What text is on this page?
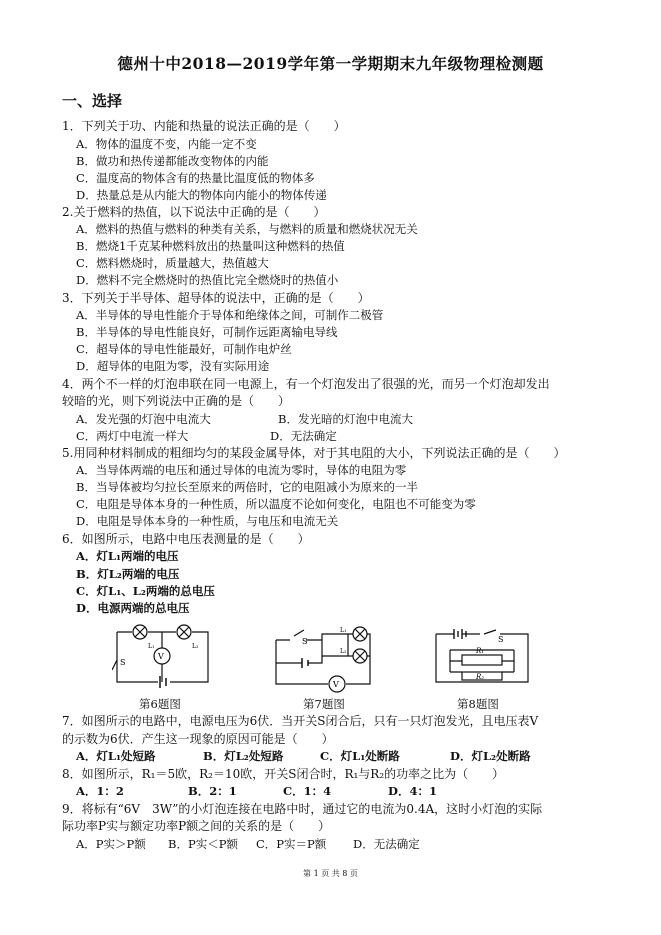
德州十中2018—2019学年第一学期期末九年级物理检测题
一、选择
1．下列关于功、内能和热量的说法正确的是（　　）
A．物体的温度不变，内能一定不变
B．做功和热传递都能改变物体的内能
C．温度高的物体含有的热量比温度低的物体多
D．热量总是从内能大的物体向内能小的物体传递
2.关于燃料的热值，以下说法中正确的是（　　）
A．燃料的热值与燃料的种类有关系，与燃料的质量和燃烧状况无关
B．燃烧1千克某种燃料放出的热量叫这种燃料的热值
C．燃料燃烧时，质量越大，热值越大
D．燃料不完全燃烧时的热值比完全燃烧时的热值小
3．下列关于半导体、超导体的说法中，正确的是（　　）
A．半导体的导电性能介于导体和绝缘体之间，可制作二极管
B．半导体的导电性能良好，可制作远距离输电导线
C．超导体的导电性能最好，可制作电炉丝
D．超导体的电阻为零，没有实际用途
4．两个不一样的灯泡串联在同一电源上，有一个灯泡发出了很强的光，而另一个灯泡却发出
较暗的光，则下列说法中正确的是（　　）
A．发光强的灯泡中电流大	B．发光暗的灯泡中电流大
C．两灯中电流一样大	D．无法确定
5.用同种材料制成的粗细均匀的某段金属导体，对于其电阻的大小，下列说法正确的是（　　）
A．当导体两端的电压和通过导体的电流为零时，导体的电阻为零
B．当导体被均匀拉长至原来的两倍时，它的电阻减小为原来的一半
C．电阻是导体本身的一种性质，所以温度不论如何变化，电阻也不可能变为零
D．电阻是导体本身的一种性质，与电压和电流无关
6．如图所示，电路中电压表测量的是（　　）
A．灯L₁两端的电压
B．灯L₂两端的电压
C．灯L₁、L₂两端的总电压
D．电源两端的总电压
L₁	L₂
S
V
第6题图
S
L₁
L₂
V
第7题图
S
R₁
R₂
第8题图
7．如图所示的电路中，电源电压为6伏．当开关S闭合后，只有一只灯泡发光，且电压表V
的示数为6伏．产生这一现象的原因可能是（　　）
A．灯L₁处短路	B．灯L₂处短路	C．灯L₁处断路	D．灯L₂处断路
8．如图所示，R₁＝5欧，R₂＝10欧，开关S闭合时，R₁与R₂的功率之比为（　　）
A．1：2	B．2：1	C．1：4	D．4：1
9．将标有“6V　3W”的小灯泡连接在电路中时，通过它的电流为0.4A，这时小灯泡的实际
际功率P实与额定功率P额之间的关系的是（　　）
A．P实＞P额 B．P实＜P额 C．P实＝P额 D．无法确定
第 1 页 共 8 页
